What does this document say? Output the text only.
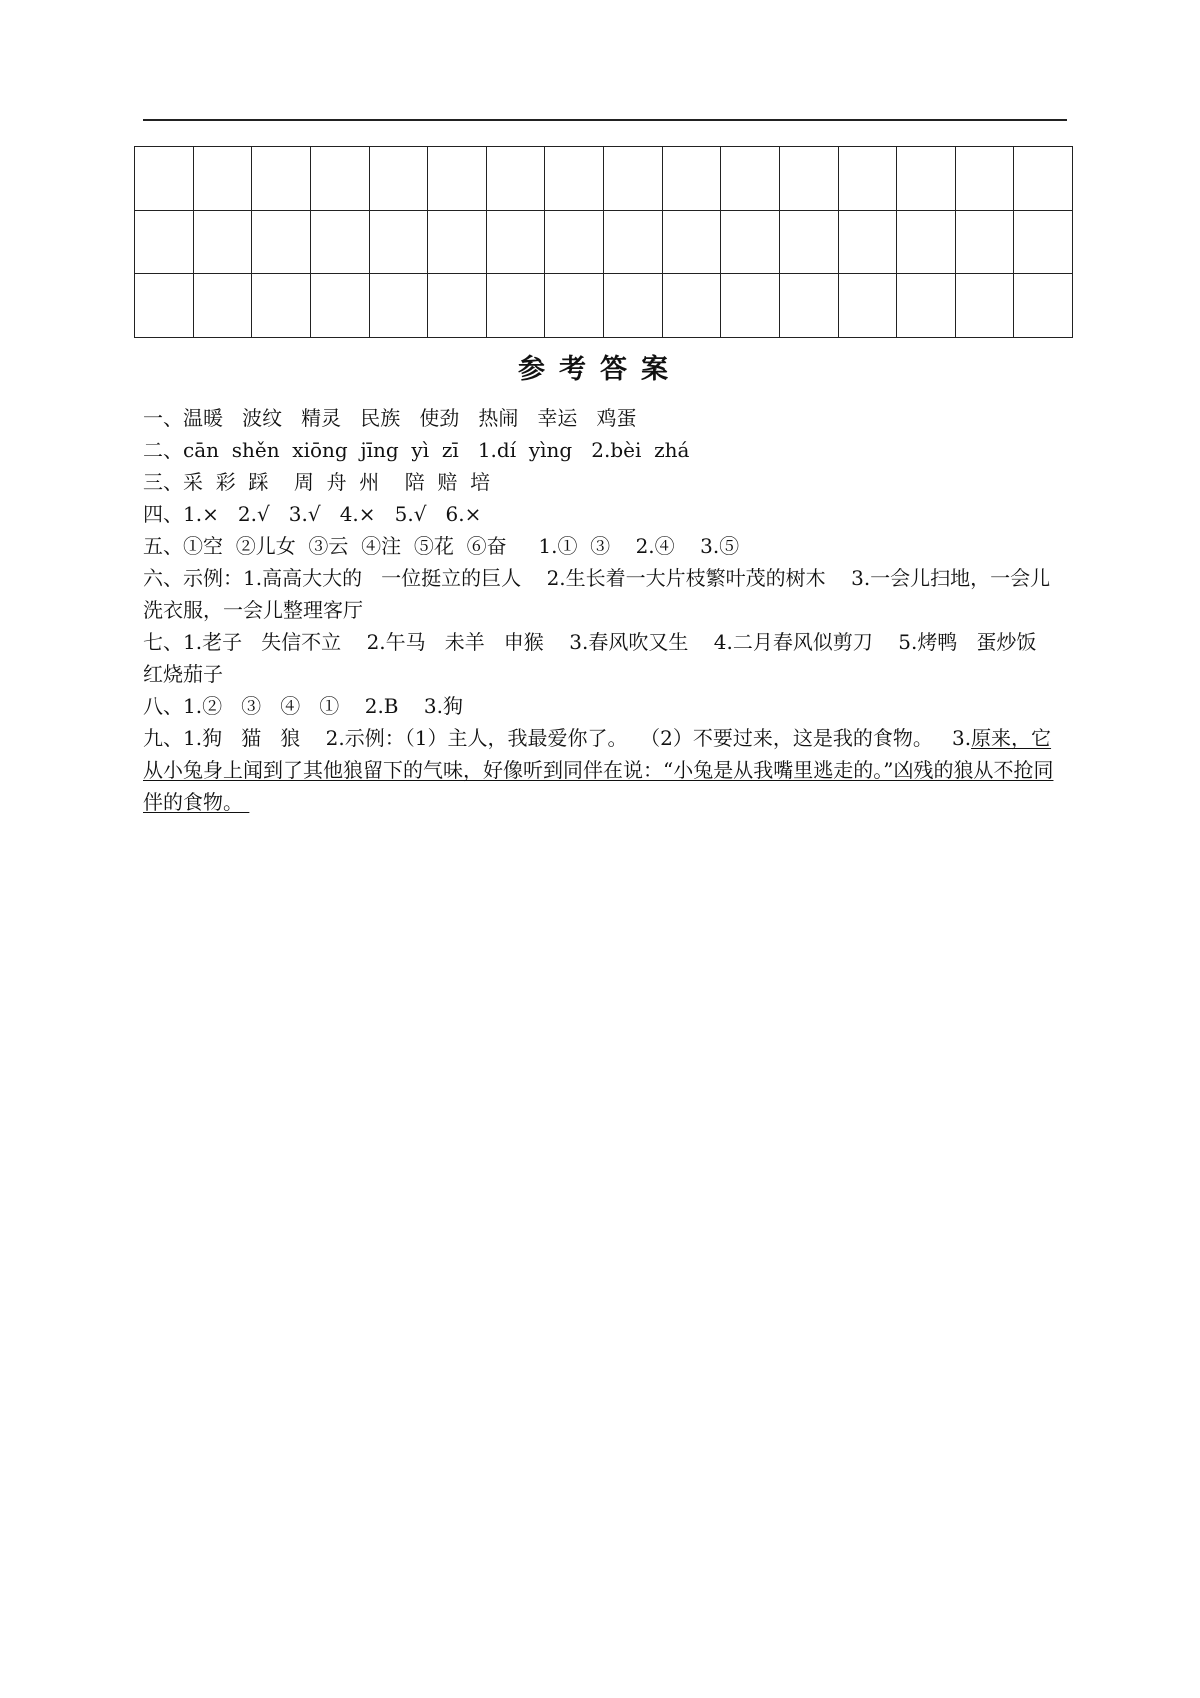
参考答案
一、温暖   波纹   精灵   民族   使劲   热闹   幸运   鸡蛋
二、cān  shěn  xiōng  jīng  yì  zī   1.dí  yìng   2.bèi  zhá
三、采  彩  踩    周  舟  州    陪  赔  培
四、1.×   2.√   3.√   4.×   5.√   6.×
五、①空  ②儿女  ③云  ④注  ⑤花  ⑥奋     1.①  ③    2.④    3.⑤
六、示例：1.高高大大的   一位挺立的巨人    2.生长着一大片枝繁叶茂的树木    3.一会儿扫地，一会儿洗衣服，一会儿整理客厅
七、1.老子   失信不立    2.午马   未羊   申猴    3.春风吹又生    4.二月春风似剪刀    5.烤鸭   蛋炒饭   红烧茄子
八、1.②   ③   ④   ①    2.B    3.狗
九、1.狗   猫   狼    2.示例：（1）主人，我最爱你了。  （2）不要过来，这是我的食物。   3.原来，它从小兔身上闻到了其他狼留下的气味，好像听到同伴在说：“小兔是从我嘴里逃走的。”凶残的狼从不抢同伴的食物。
